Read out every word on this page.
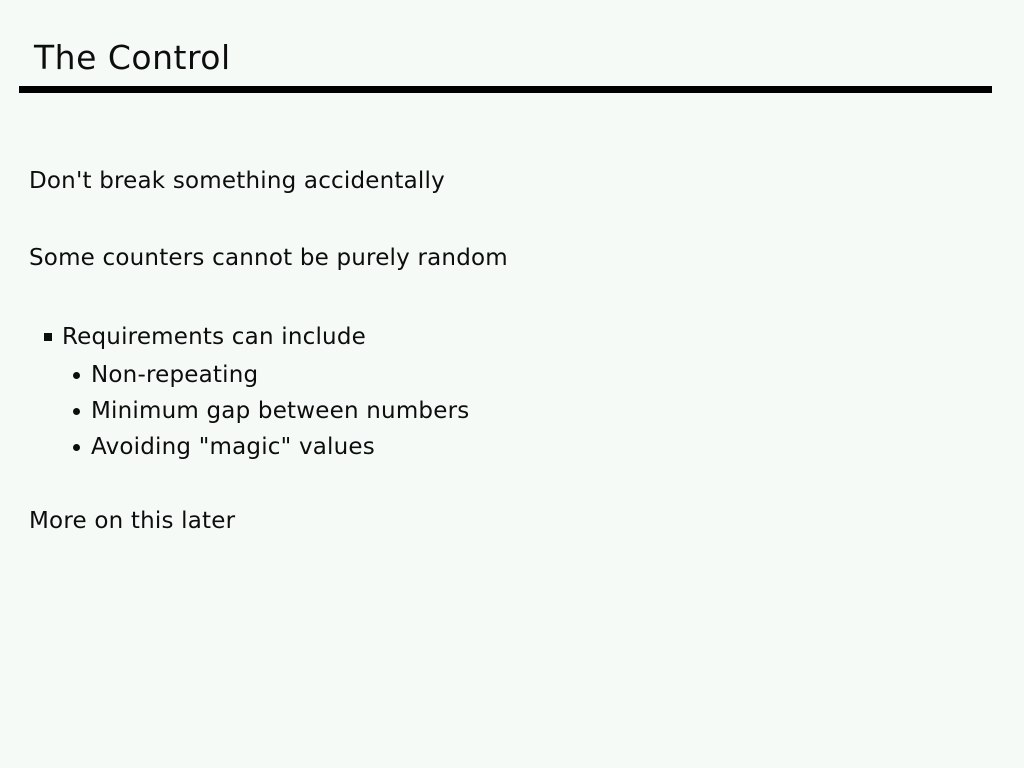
The Control

Don't break something accidentally

Some counters cannot be purely random

Requirements can include
Non-repeating
Minimum gap between numbers
Avoiding "magic" values

More on this later
